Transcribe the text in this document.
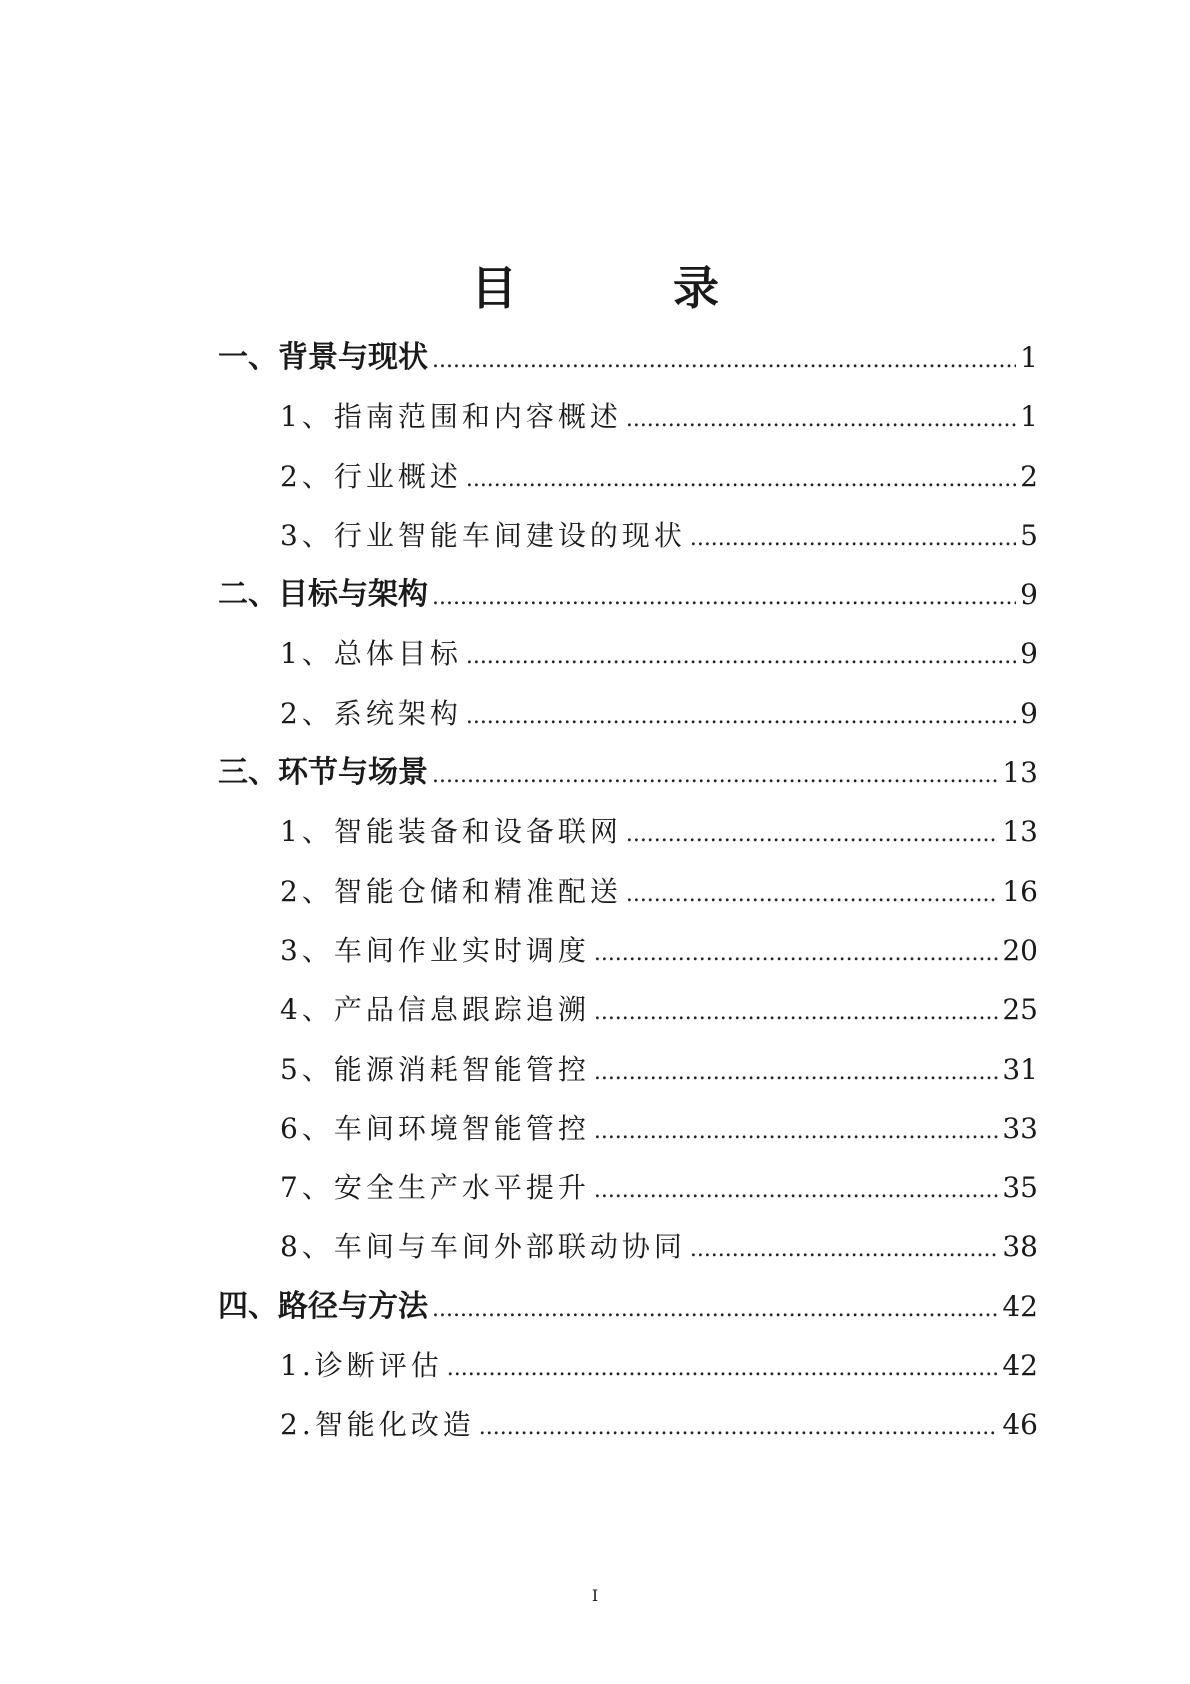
目 录
一、背景与现状 .....	1
1、指南范围和内容概述 .....	1
2、行业概述 .....	2
3、行业智能车间建设的现状 .....	5
二、目标与架构 .....	9
1、总体目标 .....	9
2、系统架构 .....	9
三、环节与场景 .....	13
1、智能装备和设备联网 .....	13
2、智能仓储和精准配送 .....	16
3、车间作业实时调度 .....	20
4、产品信息跟踪追溯 .....	25
5、能源消耗智能管控 .....	31
6、车间环境智能管控 .....	33
7、安全生产水平提升 .....	35
8、车间与车间外部联动协同 .....	38
四、路径与方法 .....	42
1.诊断评估 .....	42
2.智能化改造 .....	46
I
